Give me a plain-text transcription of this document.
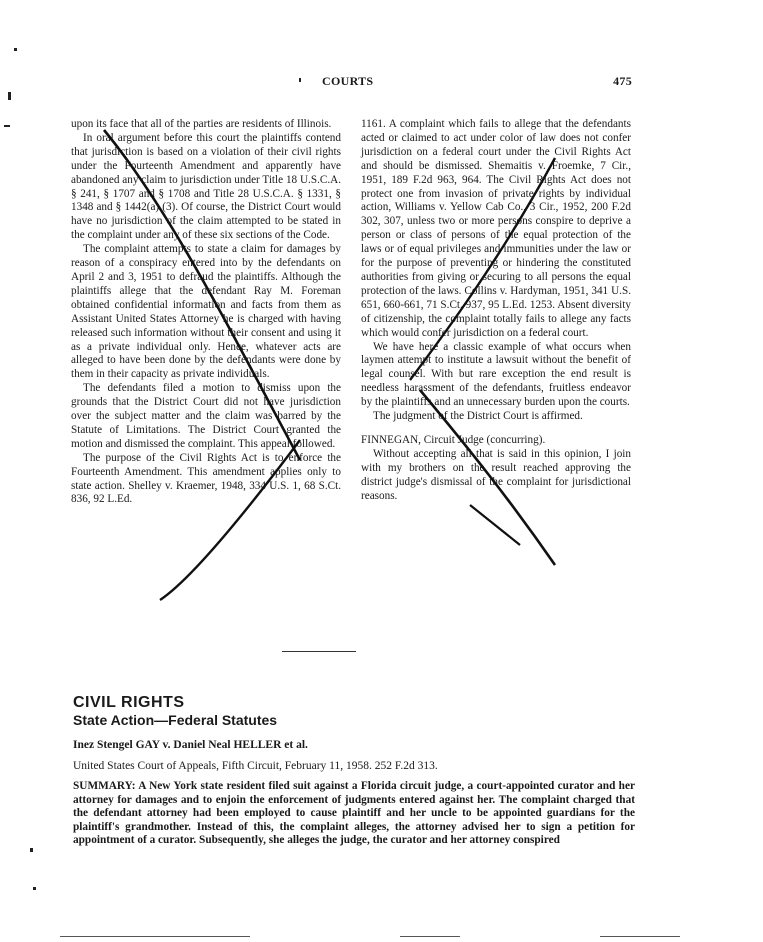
COURTS	475

upon its face that all of the parties are residents of Illinois.

In oral argument before this court the plaintiffs contend that jurisdiction is based on a violation of their civil rights under the Fourteenth Amendment and apparently have abandoned any claim to jurisdiction under Title 18 U.S.C.A. § 241, § 1707 and § 1708 and Title 28 U.S.C.A. § 1331, § 1348 and § 1442(a) (3). Of course, the District Court would have no jurisdiction of the claim attempted to be stated in the complaint under any of these six sections of the Code.

The complaint attempts to state a claim for damages by reason of a conspiracy entered into by the defendants on April 2 and 3, 1951 to defraud the plaintiffs. Although the plaintiffs allege that the defendant Ray M. Foreman obtained confidential information and facts from them as Assistant United States Attorney he is charged with having released such information without their consent and using it as a private individual only. Hence, whatever acts are alleged to have been done by the defendants were done by them in their capacity as private individuals.

The defendants filed a motion to dismiss upon the grounds that the District Court did not have jurisdiction over the subject matter and the claim was barred by the Statute of Limitations. The District Court granted the motion and dismissed the complaint. This appeal followed.

The purpose of the Civil Rights Act is to enforce the Fourteenth Amendment. This amendment applies only to state action. Shelley v. Kraemer, 1948, 334 U.S. 1, 68 S.Ct. 836, 92 L.Ed.

1161. A complaint which fails to allege that the defendants acted or claimed to act under color of law does not confer jurisdiction on a federal court under the Civil Rights Act and should be dismissed. Shemaitis v. Froemke, 7 Cir., 1951, 189 F.2d 963, 964. The Civil Rights Act does not protect one from invasion of private rights by individual action, Williams v. Yellow Cab Co., 3 Cir., 1952, 200 F.2d 302, 307, unless two or more persons conspire to deprive a person or class of persons of the equal protection of the laws or of equal privileges and immunities under the law or for the purpose of preventing or hindering the constituted authorities from giving or securing to all persons the equal protection of the laws. Collins v. Hardyman, 1951, 341 U.S. 651, 660-661, 71 S.Ct. 937, 95 L.Ed. 1253. Absent diversity of citizenship, the complaint totally fails to allege any facts which would confer jurisdiction on a federal court.

We have here a classic example of what occurs when laymen attempt to institute a lawsuit without the benefit of legal counsel. With but rare exception the end result is needless harassment of the defendants, fruitless endeavor by the plaintiffs and an unnecessary burden upon the courts.

The judgment of the District Court is affirmed.

FINNEGAN, Circuit Judge (concurring).

Without accepting all that is said in this opinion, I join with my brothers on the result reached approving the district judge's dismissal of the complaint for jurisdictional reasons.

CIVIL RIGHTS
State Action—Federal Statutes
Inez Stengel GAY v. Daniel Neal HELLER et al.
United States Court of Appeals, Fifth Circuit, February 11, 1958. 252 F.2d 313.
SUMMARY: A New York state resident filed suit against a Florida circuit judge, a court-appointed curator and her attorney for damages and to enjoin the enforcement of judgments entered against her. The complaint charged that the defendant attorney had been employed to cause plaintiff and her uncle to be appointed guardians for the plaintiff's grandmother. Instead of this, the complaint alleges, the attorney advised her to sign a petition for appointment of a curator. Subsequently, she alleges the judge, the curator and her attorney conspired
